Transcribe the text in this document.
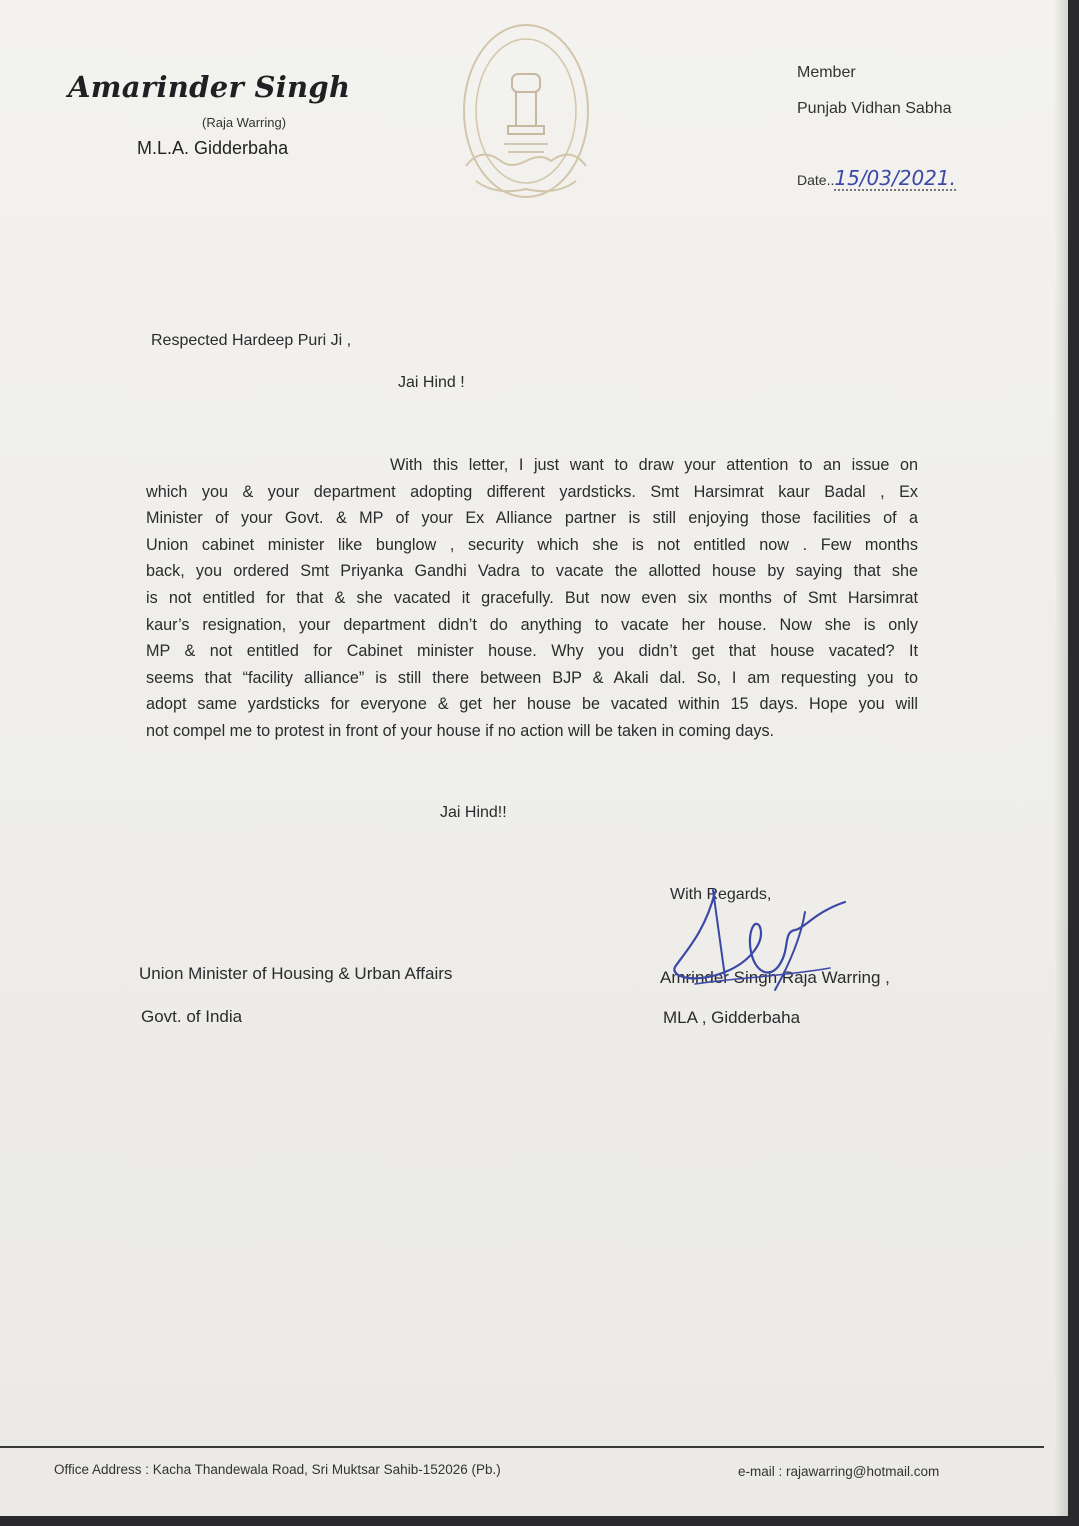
Amarinder Singh
(Raja Warring)
M.L.A. Gidderbaha
Member
Punjab Vidhan Sabha
Date..15/03/2021.
Respected Hardeep Puri Ji ,
Jai Hind !
With this letter, I just want to draw your attention to an issue on
which you & your department adopting different yardsticks. Smt Harsimrat kaur Badal , Ex
Minister of your Govt. & MP of your Ex Alliance partner is still enjoying those facilities of a
Union cabinet minister like bunglow , security which she is not entitled now . Few months
back, you ordered Smt Priyanka Gandhi Vadra to vacate the allotted house by saying that she
is not entitled for that & she vacated it gracefully. But now even six months of Smt Harsimrat
kaur’s resignation, your department didn’t do anything to vacate her house. Now she is only
MP & not entitled for Cabinet minister house. Why you didn’t get that house vacated? It
seems that “facility alliance” is still there between BJP & Akali dal. So, I am requesting you to
adopt same yardsticks for everyone & get her house be vacated within 15 days. Hope you will
not compel me to protest in front of your house if no action will be taken in coming days.
Jai Hind!!
With Regards,
Amrinder Singh Raja Warring ,
MLA , Gidderbaha
Union Minister of Housing & Urban Affairs
Govt. of India
Office Address : Kacha Thandewala Road, Sri Muktsar Sahib-152026 (Pb.)	e-mail : rajawarring@hotmail.com
